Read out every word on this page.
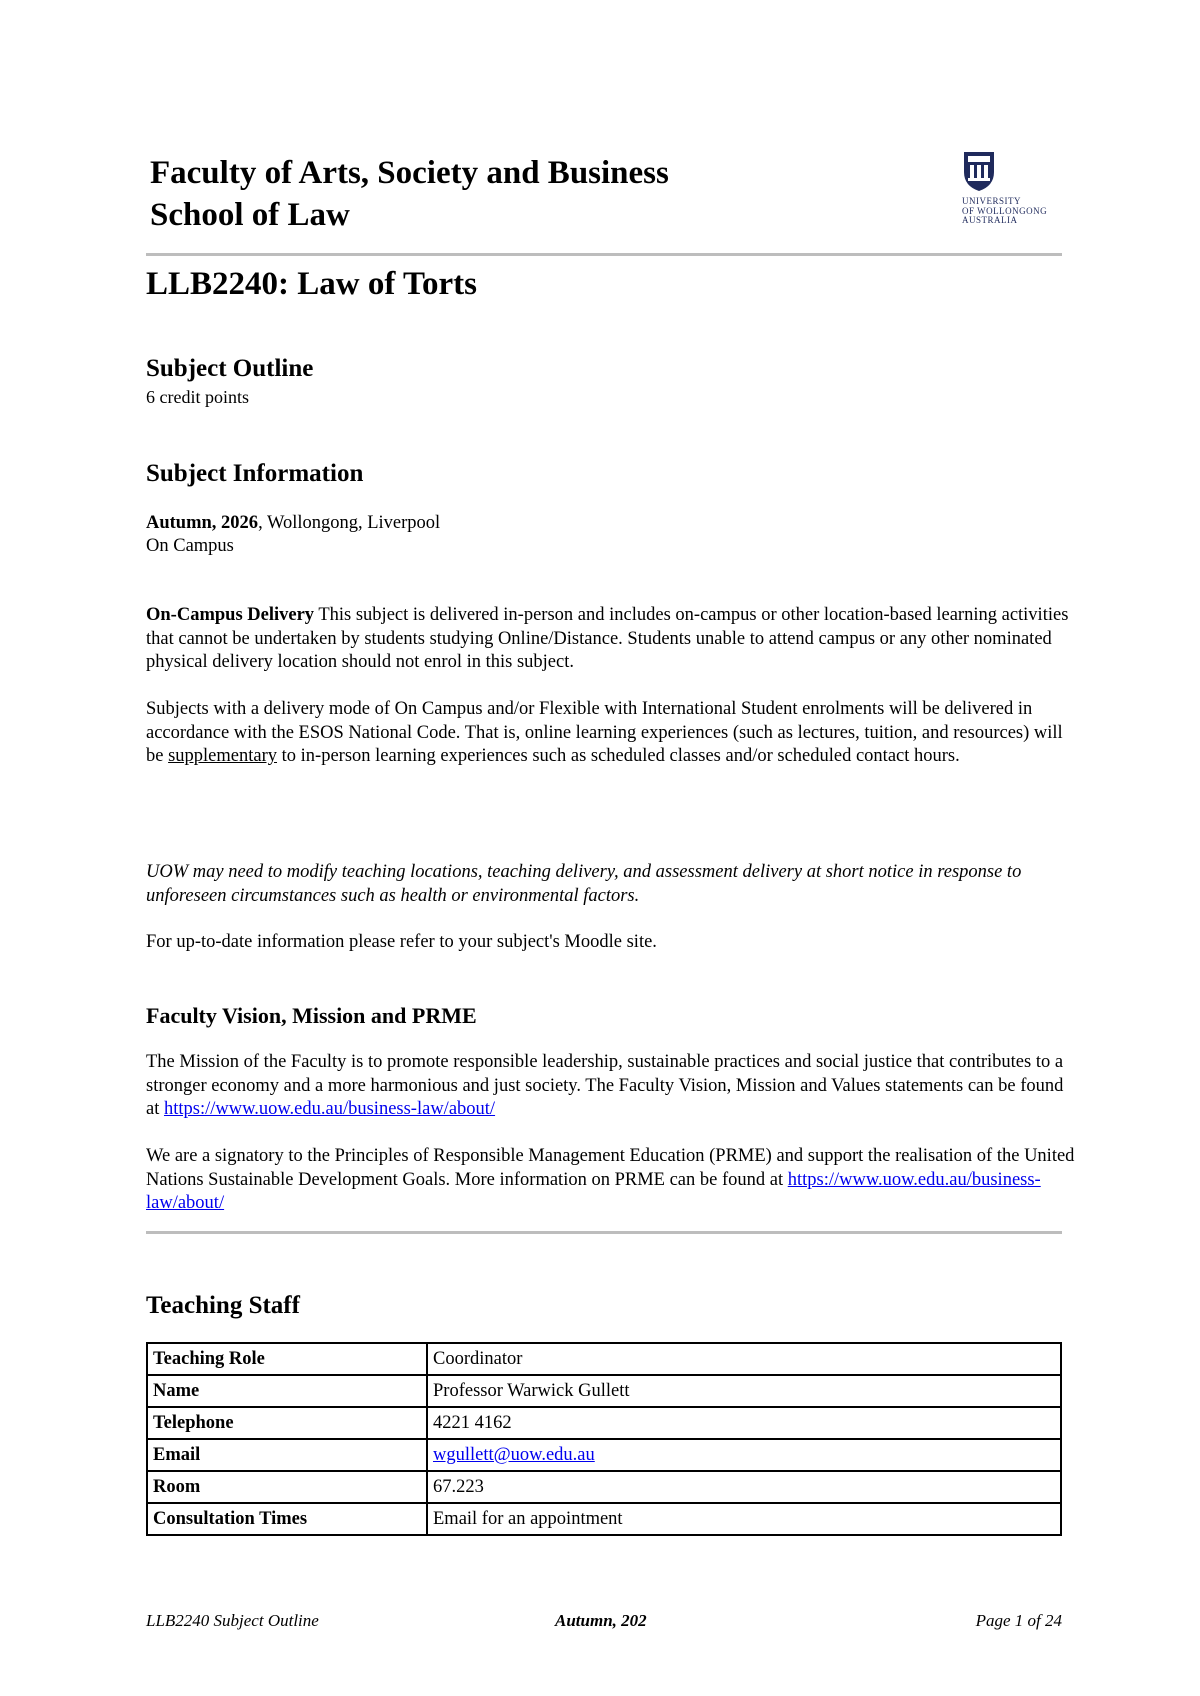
Faculty of Arts, Society and Business
School of Law	UNIVERSITY
OF WOLLONGONG
AUSTRALIA
LLB2240: Law of Torts
Subject Outline
6 credit points
Subject Information
Autumn, 2026, Wollongong, Liverpool
On Campus
On-Campus Delivery This subject is delivered in-person and includes on-campus or other location-based learning activities that cannot be undertaken by students studying Online/Distance. Students unable to attend campus or any other nominated physical delivery location should not enrol in this subject.
Subjects with a delivery mode of On Campus and/or Flexible with International Student enrolments will be delivered in accordance with the ESOS National Code. That is, online learning experiences (such as lectures, tuition, and resources) will be supplementary to in-person learning experiences such as scheduled classes and/or scheduled contact hours.
UOW may need to modify teaching locations, teaching delivery, and assessment delivery at short notice in response to unforeseen circumstances such as health or environmental factors.
For up-to-date information please refer to your subject's Moodle site.
Faculty Vision, Mission and PRME
The Mission of the Faculty is to promote responsible leadership, sustainable practices and social justice that contributes to a stronger economy and a more harmonious and just society. The Faculty Vision, Mission and Values statements can be found at https://www.uow.edu.au/business-law/about/
We are a signatory to the Principles of Responsible Management Education (PRME) and support the realisation of the United Nations Sustainable Development Goals. More information on PRME can be found at https://www.uow.edu.au/business-law/about/
Teaching Staff
Teaching Role	Coordinator
Name	Professor Warwick Gullett
Telephone	4221 4162
Email	wgullett@uow.edu.au
Room	67.223
Consultation Times	Email for an appointment
LLB2240 Subject Outline	Autumn, 202	Page 1 of 24
